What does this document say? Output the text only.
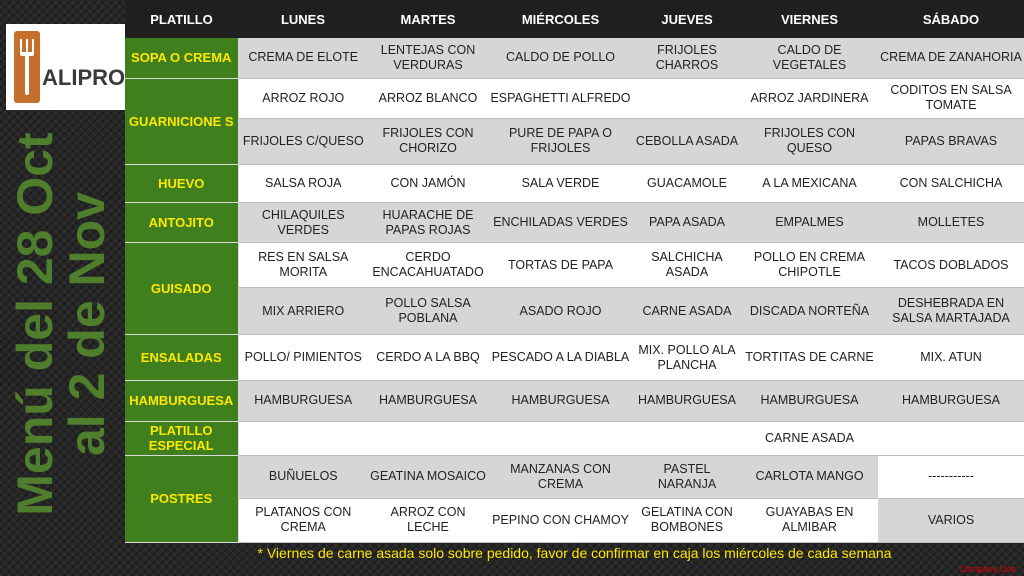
ALIPRO
Menú del 28 Oct
al 2 de Nov
PLATILLO	LUNES	MARTES	MIÉRCOLES	JUEVES	VIERNES	SÁBADO
SOPA O CREMA	CREMA DE ELOTE	LENTEJAS CON VERDURAS	CALDO DE POLLO	FRIJOLES CHARROS	CALDO DE VEGETALES	CREMA DE ZANAHORIA
GUARNICIONE S	ARROZ ROJO	ARROZ BLANCO	ESPAGHETTI ALFREDO		ARROZ JARDINERA	CODITOS EN SALSA TOMATE
	FRIJOLES C/QUESO	FRIJOLES CON CHORIZO	PURE DE PAPA O FRIJOLES	CEBOLLA ASADA	FRIJOLES CON QUESO	PAPAS BRAVAS
HUEVO	SALSA ROJA	CON JAMÓN	SALA VERDE	GUACAMOLE	A LA MEXICANA	CON SALCHICHA
ANTOJITO	CHILAQUILES VERDES	HUARACHE DE PAPAS ROJAS	ENCHILADAS VERDES	PAPA ASADA	EMPALMES	MOLLETES
GUISADO	RES EN SALSA MORITA	CERDO ENCACAHUATADO	TORTAS DE PAPA	SALCHICHA ASADA	POLLO EN CREMA CHIPOTLE	TACOS DOBLADOS
	MIX ARRIERO	POLLO SALSA POBLANA	ASADO ROJO	CARNE ASADA	DISCADA NORTEÑA	DESHEBRADA EN SALSA MARTAJADA
ENSALADAS	POLLO/ PIMIENTOS	CERDO A LA BBQ	PESCADO A LA DIABLA	MIX. POLLO ALA PLANCHA	TORTITAS DE CARNE	MIX. ATUN
HAMBURGUESA	HAMBURGUESA	HAMBURGUESA	HAMBURGUESA	HAMBURGUESA	HAMBURGUESA	HAMBURGUESA
PLATILLO ESPECIAL					CARNE ASADA	
POSTRES	BUÑUELOS	GEATINA MOSAICO	MANZANAS CON CREMA	PASTEL NARANJA	CARLOTA MANGO	-----------
	PLATANOS CON CREMA	ARROZ CON LECHE	PEPINO CON CHAMOY	GELATINA CON BOMBONES	GUAYABAS EN ALMIBAR	VARIOS
* Viernes de carne asada solo sobre pedido, favor de confirmar en caja los miércoles de cada semana
Company Use
